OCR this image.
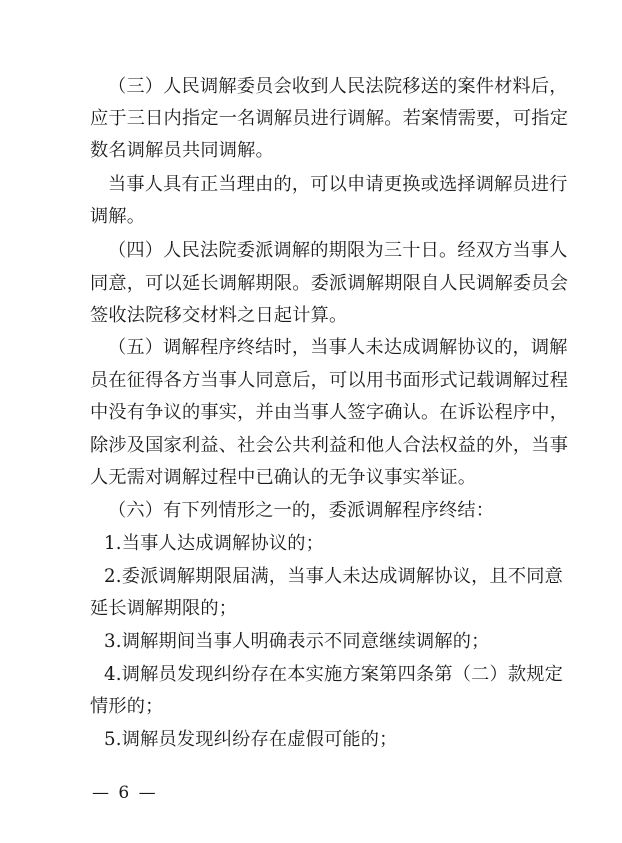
（三）人民调解委员会收到人民法院移送的案件材料后，
应于三日内指定一名调解员进行调解。若案情需要，可指定
数名调解员共同调解。
当事人具有正当理由的，可以申请更换或选择调解员进行
调解。
（四）人民法院委派调解的期限为三十日。经双方当事人
同意，可以延长调解期限。委派调解期限自人民调解委员会
签收法院移交材料之日起计算。
（五）调解程序终结时，当事人未达成调解协议的，调解
员在征得各方当事人同意后，可以用书面形式记载调解过程
中没有争议的事实，并由当事人签字确认。在诉讼程序中，
除涉及国家利益、社会公共利益和他人合法权益的外，当事
人无需对调解过程中已确认的无争议事实举证。
（六）有下列情形之一的，委派调解程序终结：
1.当事人达成调解协议的；
2.委派调解期限届满，当事人未达成调解协议，且不同意
延长调解期限的；
3.调解期间当事人明确表示不同意继续调解的；
4.调解员发现纠纷存在本实施方案第四条第（二）款规定
情形的；
5.调解员发现纠纷存在虚假可能的；
— 6 —
